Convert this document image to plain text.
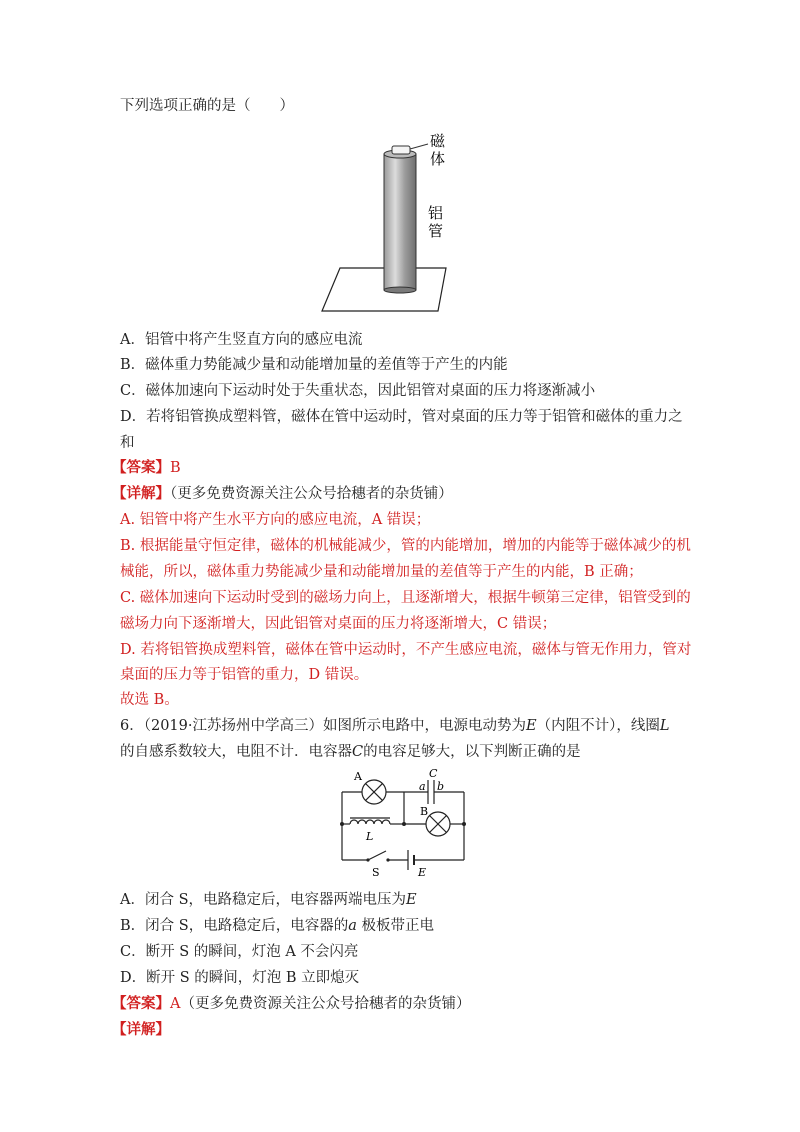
下列选项正确的是（　　）
磁
体
铝
管
A．铝管中将产生竖直方向的感应电流
B．磁体重力势能减少量和动能增加量的差值等于产生的内能
C．磁体加速向下运动时处于失重状态，因此铝管对桌面的压力将逐渐减小
D．若将铝管换成塑料管，磁体在管中运动时，管对桌面的压力等于铝管和磁体的重力之
和
【答案】B
【详解】（更多免费资源关注公众号拾穗者的杂货铺）
A. 铝管中将产生水平方向的感应电流，A 错误；
B. 根据能量守恒定律，磁体的机械能减少，管的内能增加，增加的内能等于磁体减少的机
械能，所以，磁体重力势能减少量和动能增加量的差值等于产生的内能，B 正确；
C. 磁体加速向下运动时受到的磁场力向上，且逐渐增大，根据牛顿第三定律，铝管受到的
磁场力向下逐渐增大，因此铝管对桌面的压力将逐渐增大，C 错误；
D. 若将铝管换成塑料管，磁体在管中运动时，不产生感应电流，磁体与管无作用力，管对
桌面的压力等于铝管的重力，D 错误。
故选 B。
6．（2019·江苏扬州中学高三）如图所示电路中，电源电动势为E（内阻不计），线圈L
的自感系数较大，电阻不计．电容器C的电容足够大，以下判断正确的是
A
B
C
a b
L
S	E
A．闭合 S，电路稳定后，电容器两端电压为E
B．闭合 S，电路稳定后，电容器的a 极板带正电
C．断开 S 的瞬间，灯泡 A 不会闪亮
D．断开 S 的瞬间，灯泡 B 立即熄灭
【答案】A（更多免费资源关注公众号拾穗者的杂货铺）
【详解】
